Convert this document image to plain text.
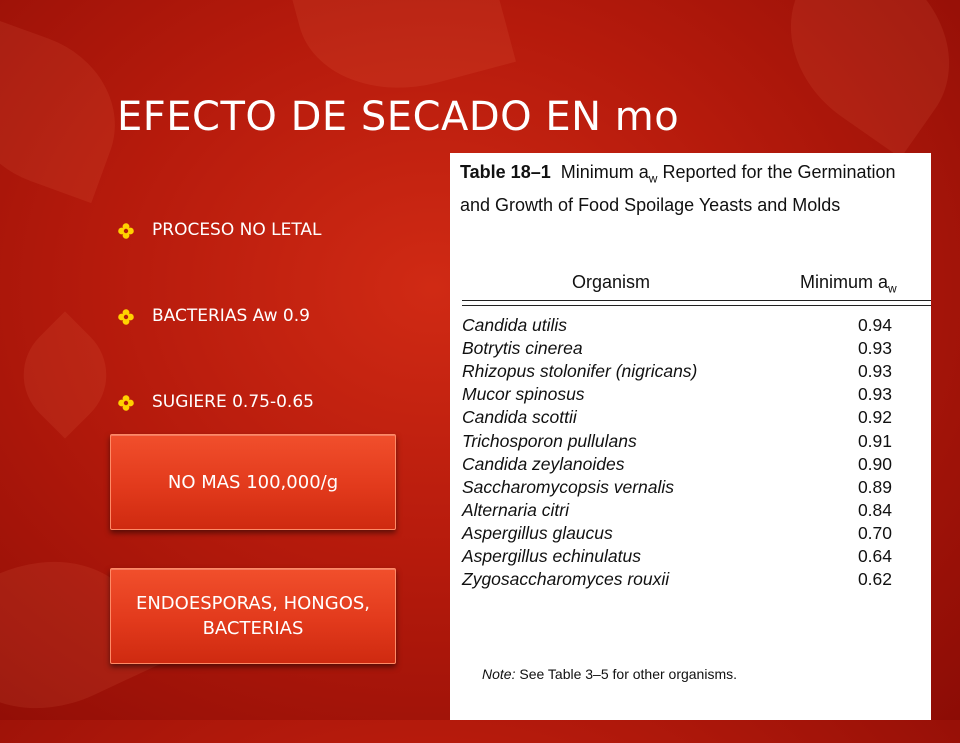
EFECTO DE SECADO EN mo
PROCESO NO LETAL
BACTERIAS Aw 0.9
SUGIERE 0.75-0.65
NO MAS 100,000/g
ENDOESPORAS, HONGOS, BACTERIAS

Table 18–1 Minimum $a_w$ Reported for the Germination and Growth of Food Spoilage Yeasts and Molds

Organism	Minimum $a_w$
Candida utilis	0.94
Botrytis cinerea	0.93
Rhizopus stolonifer (nigricans)	0.93
Mucor spinosus	0.93
Candida scottii	0.92
Trichosporon pullulans	0.91
Candida zeylanoides	0.90
Saccharomycopsis vernalis	0.89
Alternaria citri	0.84
Aspergillus glaucus	0.70
Aspergillus echinulatus	0.64
Zygosaccharomyces rouxii	0.62
Note: See Table 3–5 for other organisms.
